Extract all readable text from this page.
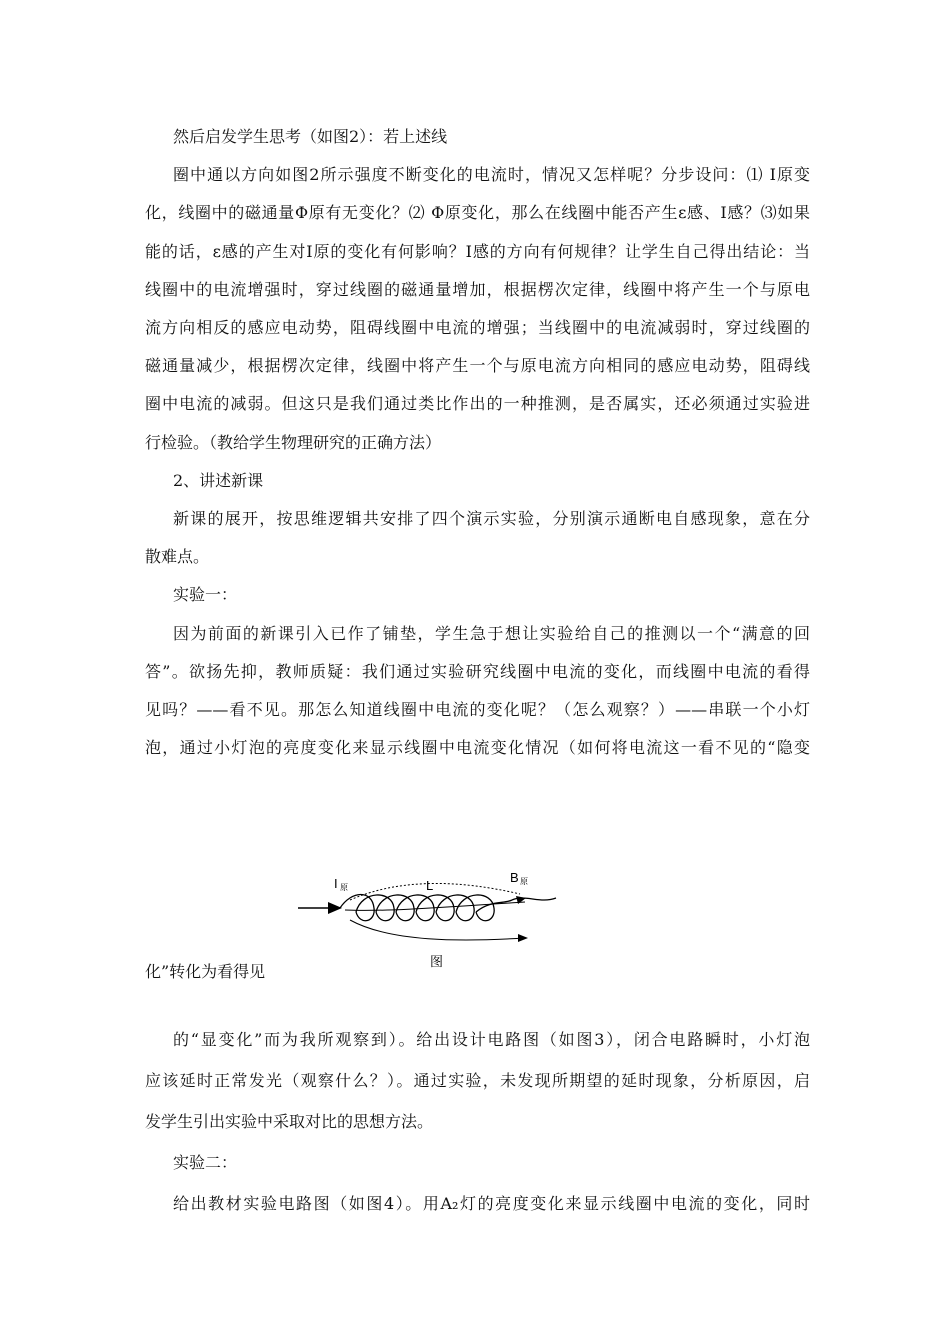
然后启发学生思考（如图2）：若上述线
圈中通以方向如图2所示强度不断变化的电流时，情况又怎样呢？分步设问：⑴ I原变
化，线圈中的磁通量Φ原有无变化？⑵ Φ原变化，那么在线圈中能否产生ε感、I感？⑶如果
能的话，ε感的产生对I原的变化有何影响？I感的方向有何规律？让学生自己得出结论：当
线圈中的电流增强时，穿过线圈的磁通量增加，根据楞次定律，线圈中将产生一个与原电
流方向相反的感应电动势，阻碍线圈中电流的增强；当线圈中的电流减弱时，穿过线圈的
磁通量减少，根据楞次定律，线圈中将产生一个与原电流方向相同的感应电动势，阻碍线
圈中电流的减弱。但这只是我们通过类比作出的一种推测，是否属实，还必须通过实验进
行检验。（教给学生物理研究的正确方法）
2、讲述新课
新课的展开，按思维逻辑共安排了四个演示实验，分别演示通断电自感现象，意在分
散难点。
实验一：
因为前面的新课引入已作了铺垫，学生急于想让实验给自己的推测以一个“满意的回
答”。欲扬先抑，教师质疑：我们通过实验研究线圈中电流的变化，而线圈中电流的看得
见吗？——看不见。那怎么知道线圈中电流的变化呢？（怎么观察？）——串联一个小灯
泡，通过小灯泡的亮度变化来显示线圈中电流变化情况（如何将电流这一看不见的“隐变
I 原	L
B 原
图
化”转化为看得见
的“显变化”而为我所观察到）。给出设计电路图（如图3），闭合电路瞬时，小灯泡
应该延时正常发光（观察什么？）。通过实验，未发现所期望的延时现象，分析原因，启
发学生引出实验中采取对比的思想方法。
实验二：
给出教材实验电路图（如图4）。用A₂灯的亮度变化来显示线圈中电流的变化，同时
